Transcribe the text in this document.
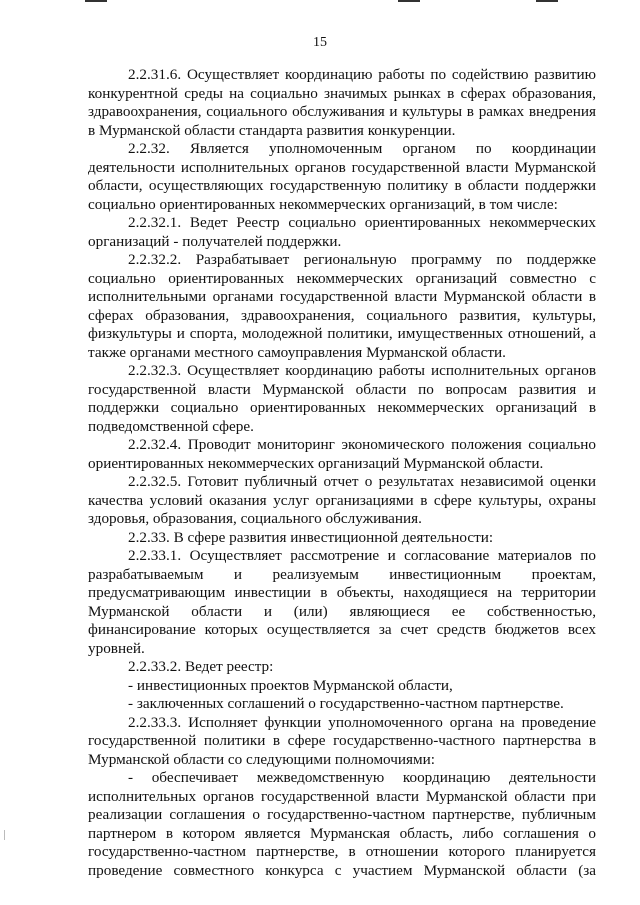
15

2.2.31.6. Осуществляет координацию работы по содействию развитию конкурентной среды на социально значимых рынках в сферах образования, здравоохранения, социального обслуживания и культуры в рамках внедрения в Мурманской области стандарта развития конкуренции.

2.2.32. Является уполномоченным органом по координации деятельности исполнительных органов государственной власти Мурманской области, осуществляющих государственную политику в области поддержки социально ориентированных некоммерческих организаций, в том числе:

2.2.32.1. Ведет Реестр социально ориентированных некоммерческих организаций - получателей поддержки.

2.2.32.2. Разрабатывает региональную программу по поддержке социально ориентированных некоммерческих организаций совместно с исполнительными органами государственной власти Мурманской области в сферах образования, здравоохранения, социального развития, культуры, физкультуры и спорта, молодежной политики, имущественных отношений, а также органами местного самоуправления Мурманской области.

2.2.32.3. Осуществляет координацию работы исполнительных органов государственной власти Мурманской области по вопросам развития и поддержки социально ориентированных некоммерческих организаций в подведомственной сфере.

2.2.32.4. Проводит мониторинг экономического положения социально ориентированных некоммерческих организаций Мурманской области.

2.2.32.5. Готовит публичный отчет о результатах независимой оценки качества условий оказания услуг организациями в сфере культуры, охраны здоровья, образования, социального обслуживания.

2.2.33. В сфере развития инвестиционной деятельности:

2.2.33.1. Осуществляет рассмотрение и согласование материалов по разрабатываемым и реализуемым инвестиционным проектам, предусматривающим инвестиции в объекты, находящиеся на территории Мурманской области и (или) являющиеся ее собственностью, финансирование которых осуществляется за счет средств бюджетов всех уровней.

2.2.33.2. Ведет реестр:

- инвестиционных проектов Мурманской области,

- заключенных соглашений о государственно-частном партнерстве.

2.2.33.3. Исполняет функции уполномоченного органа на проведение государственной политики в сфере государственно-частного партнерства в Мурманской области со следующими полномочиями:

- обеспечивает межведомственную координацию деятельности исполнительных органов государственной власти Мурманской области при реализации соглашения о государственно-частном партнерстве, публичным партнером в котором является Мурманская область, либо соглашения о государственно-частном партнерстве, в отношении которого планируется проведение совместного конкурса с участием Мурманской области (за
